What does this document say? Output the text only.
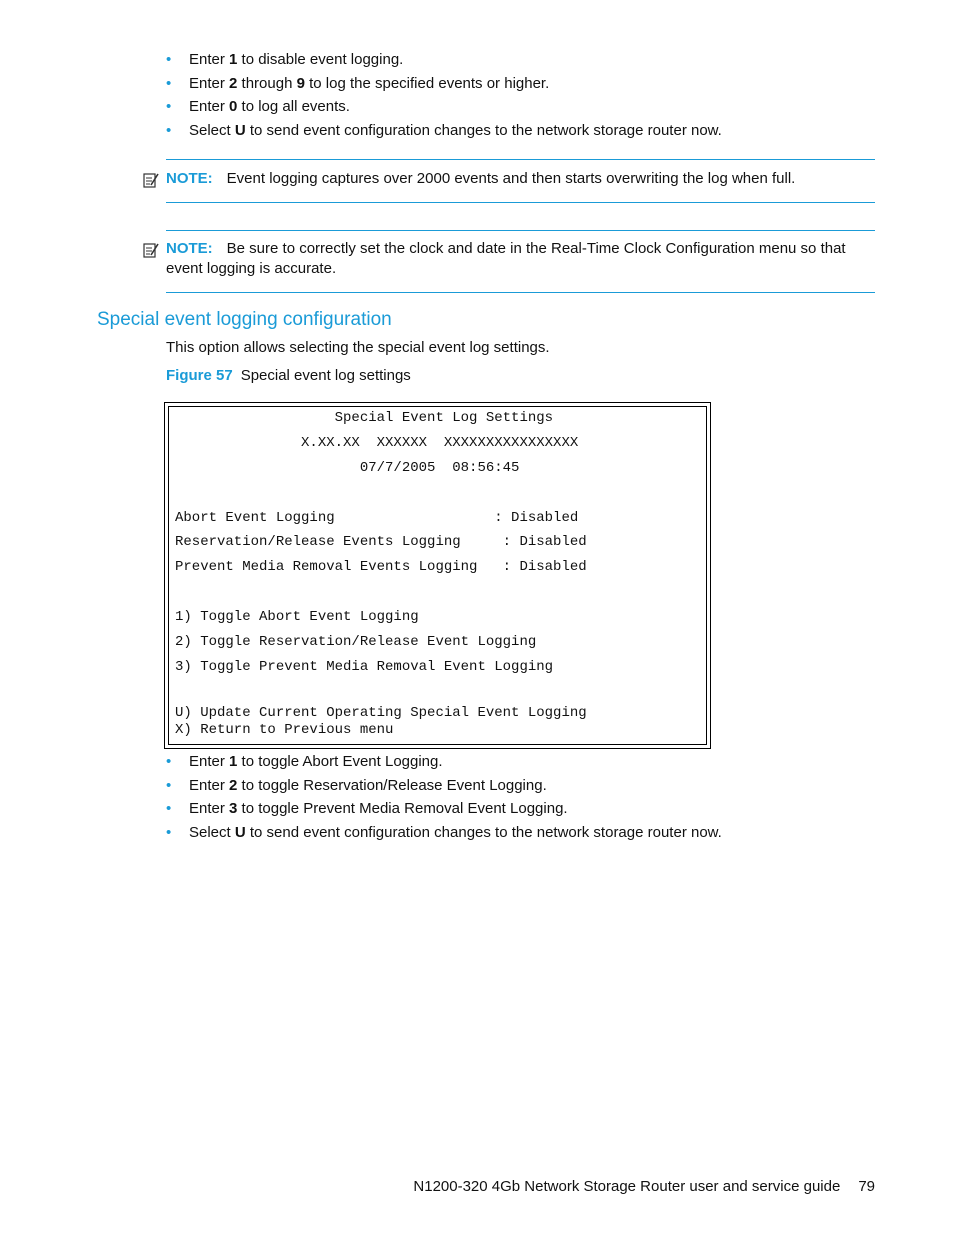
• Enter 1 to disable event logging.
• Enter 2 through 9 to log the specified events or higher.
• Enter 0 to log all events.
• Select U to send event configuration changes to the network storage router now.
NOTE: Event logging captures over 2000 events and then starts overwriting the log when full.
NOTE: Be sure to correctly set the clock and date in the Real-Time Clock Configuration menu so that event logging is accurate.
Special event logging configuration

This option allows selecting the special event log settings.

Figure 57 Special event log settings

Special Event Log Settings
X.XX.XX  XXXXXX  XXXXXXXXXXXXXXXX
07/7/2005  08:56:45
Abort Event Logging                   : Disabled
Reservation/Release Events Logging     : Disabled
Prevent Media Removal Events Logging   : Disabled
1) Toggle Abort Event Logging
2) Toggle Reservation/Release Event Logging
3) Toggle Prevent Media Removal Event Logging
U) Update Current Operating Special Event Logging
X) Return to Previous menu
• Enter 1 to toggle Abort Event Logging.
• Enter 2 to toggle Reservation/Release Event Logging.
• Enter 3 to toggle Prevent Media Removal Event Logging.
• Select U to send event configuration changes to the network storage router now.
N1200-320 4Gb Network Storage Router user and service guide 79
